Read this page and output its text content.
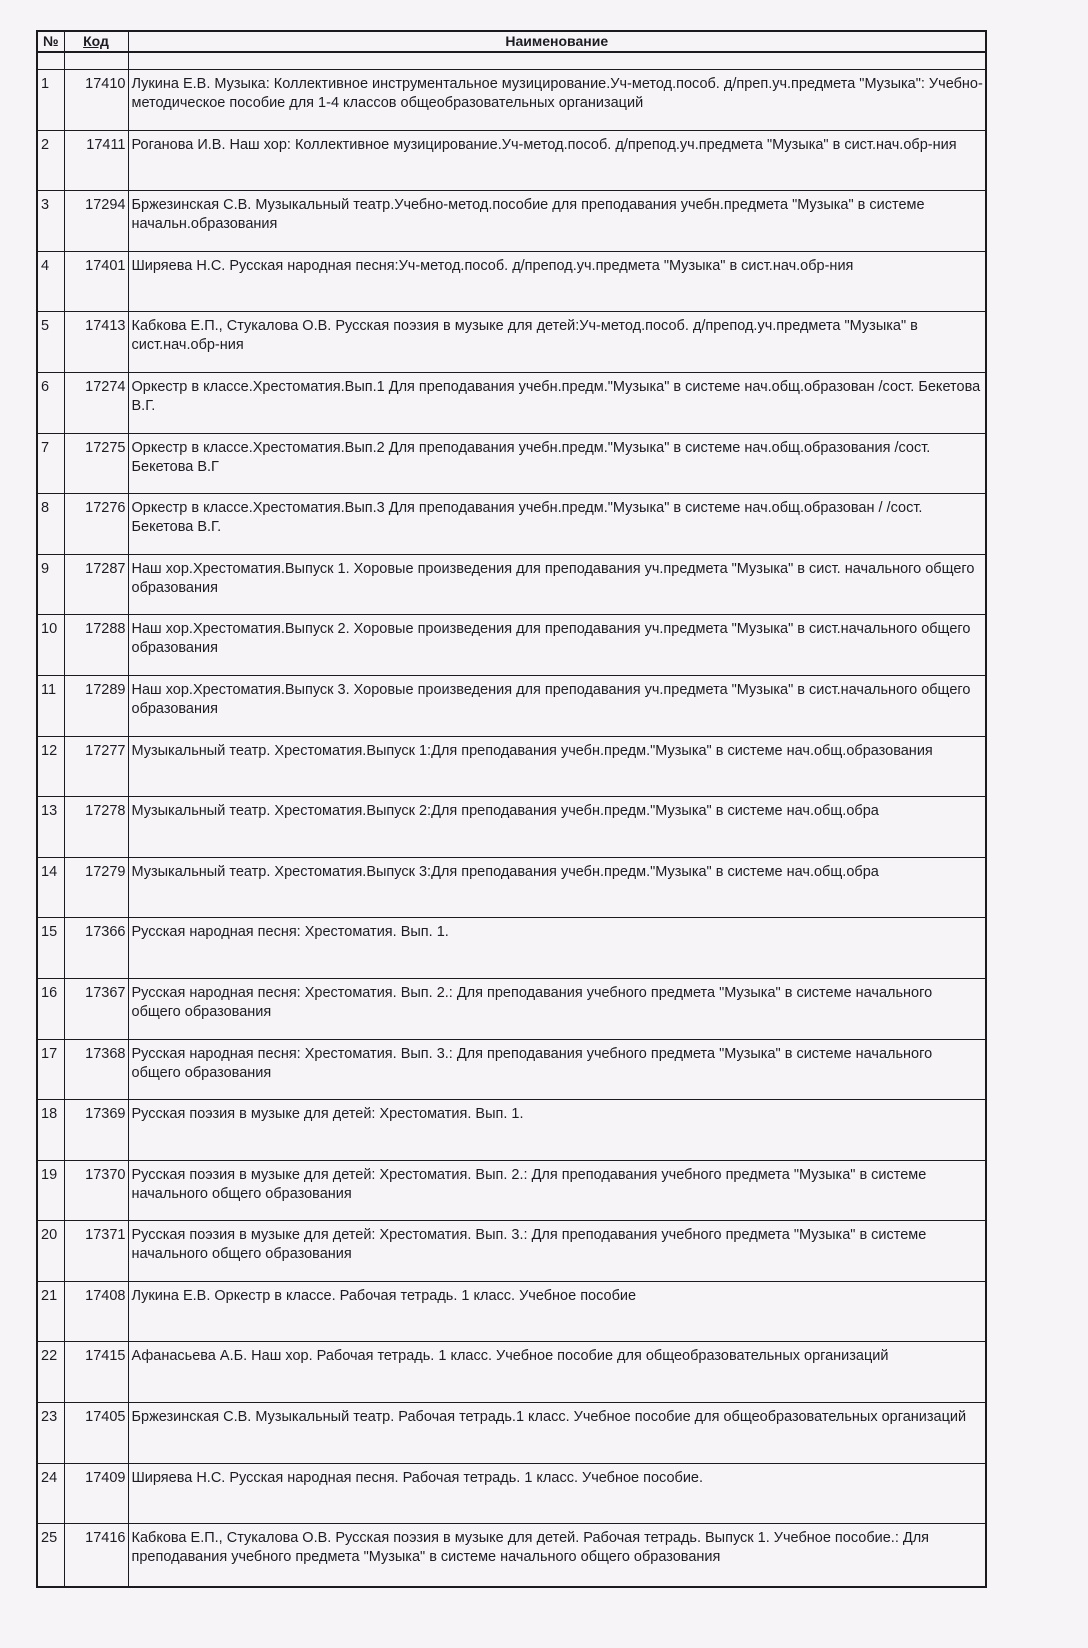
№	Код	Наименование

1	17410	Лукина Е.В. Музыка: Коллективное инструментальное музицирование.Уч-метод.пособ. д/преп.уч.предмета "Музыка": Учебно-методическое пособие для 1-4 классов общеобразовательных организаций
2	17411	Роганова И.В. Наш хор: Коллективное музицирование.Уч-метод.пособ. д/препод.уч.предмета "Музыка" в сист.нач.обр-ния
3	17294	Бржезинская С.В. Музыкальный театр.Учебно-метод.пособие для преподавания учебн.предмета "Музыка" в системе начальн.образования
4	17401	Ширяева Н.С. Русская народная песня:Уч-метод.пособ. д/препод.уч.предмета "Музыка" в сист.нач.обр-ния
5	17413	Кабкова Е.П., Стукалова О.В. Русская поэзия в музыке для детей:Уч-метод.пособ. д/препод.уч.предмета "Музыка" в сист.нач.обр-ния
6	17274	Оркестр в классе.Хрестоматия.Вып.1 Для преподавания учебн.предм."Музыка" в системе нач.общ.образован /сост. Бекетова В.Г.
7	17275	Оркестр в классе.Хрестоматия.Вып.2 Для преподавания учебн.предм."Музыка" в системе нач.общ.образования /сост. Бекетова В.Г
8	17276	Оркестр в классе.Хрестоматия.Вып.3 Для преподавания учебн.предм."Музыка" в системе нач.общ.образован / /сост. Бекетова В.Г.
9	17287	Наш хор.Хрестоматия.Выпуск 1. Хоровые произведения для преподавания уч.предмета "Музыка" в сист. начального общего образования
10	17288	Наш хор.Хрестоматия.Выпуск 2. Хоровые произведения для преподавания уч.предмета "Музыка" в сист.начального общего образования
11	17289	Наш хор.Хрестоматия.Выпуск 3. Хоровые произведения для преподавания уч.предмета "Музыка" в сист.начального общего образования
12	17277	Музыкальный театр. Хрестоматия.Выпуск 1:Для преподавания учебн.предм."Музыка" в системе нач.общ.образования
13	17278	Музыкальный театр. Хрестоматия.Выпуск 2:Для преподавания учебн.предм."Музыка" в системе нач.общ.обра
14	17279	Музыкальный театр. Хрестоматия.Выпуск 3:Для преподавания учебн.предм."Музыка" в системе нач.общ.обра
15	17366	Русская народная песня: Хрестоматия. Вып. 1.
16	17367	Русская народная песня: Хрестоматия. Вып. 2.: Для преподавания учебного предмета "Музыка" в системе начального общего образования
17	17368	Русская народная песня: Хрестоматия. Вып. 3.: Для преподавания учебного предмета "Музыка" в системе начального общего образования
18	17369	Русская поэзия в музыке для детей: Хрестоматия. Вып. 1.
19	17370	Русская поэзия в музыке для детей: Хрестоматия. Вып. 2.: Для преподавания учебного предмета "Музыка" в системе начального общего образования
20	17371	Русская поэзия в музыке для детей: Хрестоматия. Вып. 3.: Для преподавания учебного предмета "Музыка" в системе начального общего образования
21	17408	Лукина Е.В. Оркестр в классе. Рабочая тетрадь. 1 класс. Учебное пособие
22	17415	Афанасьева А.Б. Наш хор. Рабочая тетрадь. 1 класс. Учебное пособие для общеобразовательных организаций
23	17405	Бржезинская С.В. Музыкальный театр. Рабочая тетрадь.1 класс. Учебное пособие для общеобразовательных организаций
24	17409	Ширяева Н.С. Русская народная песня. Рабочая тетрадь. 1 класс. Учебное пособие.
25	17416	Кабкова Е.П., Стукалова О.В. Русская поэзия в музыке для детей. Рабочая тетрадь. Выпуск 1. Учебное пособие.: Для преподавания учебного предмета "Музыка" в системе начального общего образования
